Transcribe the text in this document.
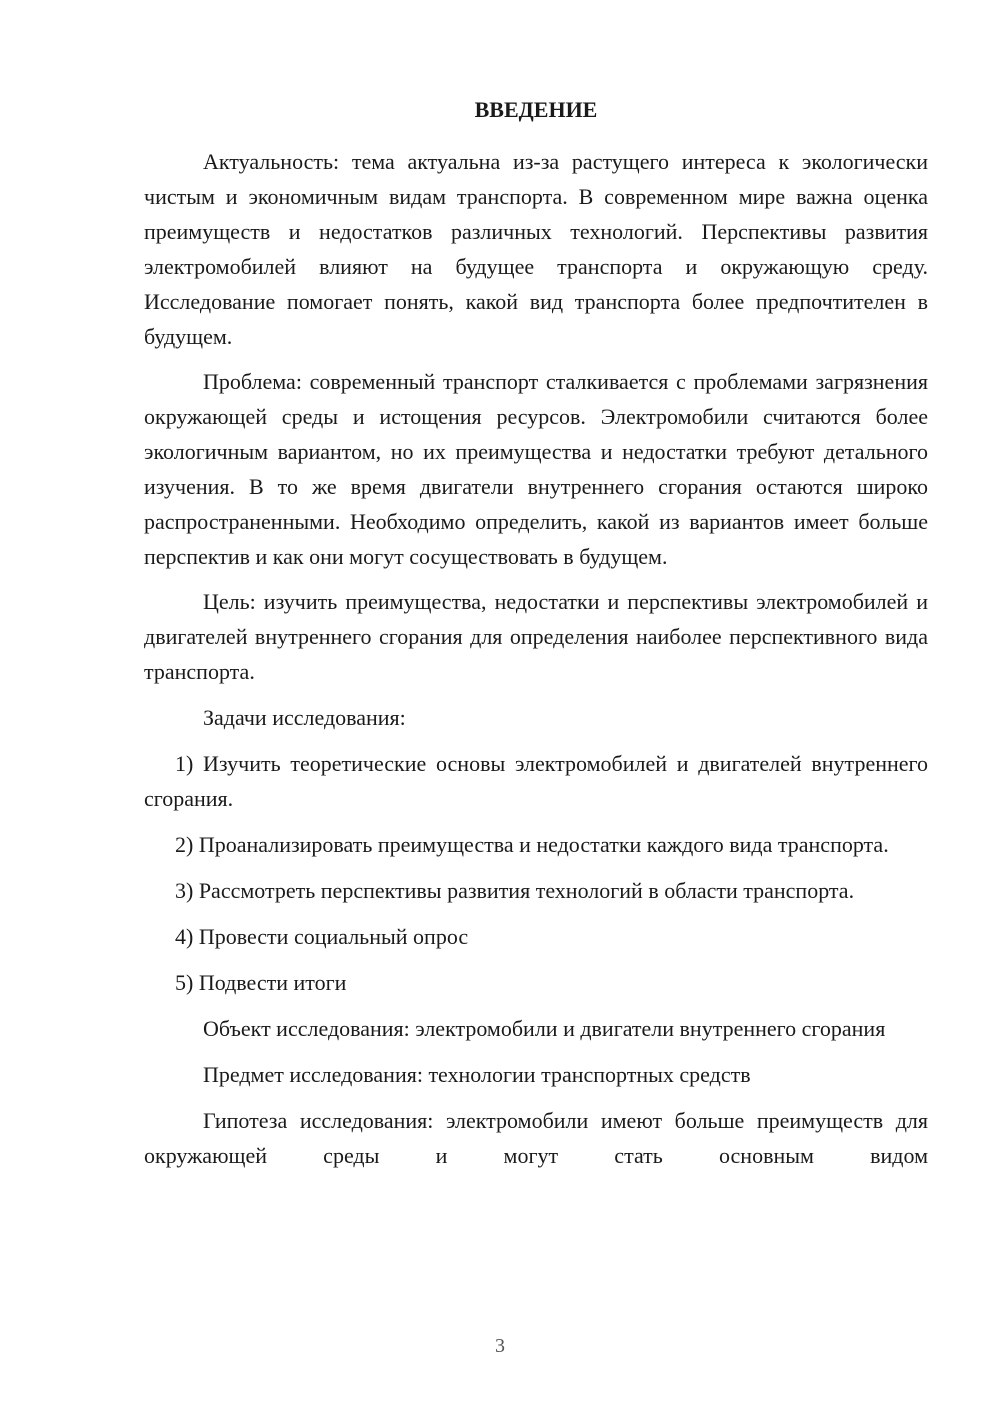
ВВЕДЕНИЕ

Актуальность: тема актуальна из-за растущего интереса к экологически чистым и экономичным видам транспорта. В современном мире важна оценка преимуществ и недостатков различных технологий. Перспективы развития электромобилей влияют на будущее транспорта и окружающую среду. Исследование помогает понять, какой вид транспорта более предпочтителен в будущем.

Проблема: современный транспорт сталкивается с проблемами загрязнения окружающей среды и истощения ресурсов. Электромобили считаются более экологичным вариантом, но их преимущества и недостатки требуют детального изучения. В то же время двигатели внутреннего сгорания остаются широко распространенными. Необходимо определить, какой из вариантов имеет больше перспектив и как они могут сосуществовать в будущем.

Цель: изучить преимущества, недостатки и перспективы электромобилей и двигателей внутреннего сгорания для определения наиболее перспективного вида транспорта.

Задачи исследования:

1) Изучить теоретические основы электромобилей и двигателей внутреннего сгорания.

2) Проанализировать преимущества и недостатки каждого вида транспорта.

3) Рассмотреть перспективы развития технологий в области транспорта.

4) Провести социальный опрос

5) Подвести итоги

Объект исследования: электромобили и двигатели внутреннего сгорания

Предмет исследования: технологии транспортных средств

Гипотеза исследования: электромобили имеют больше преимуществ для окружающей среды и могут стать основным видом

3
